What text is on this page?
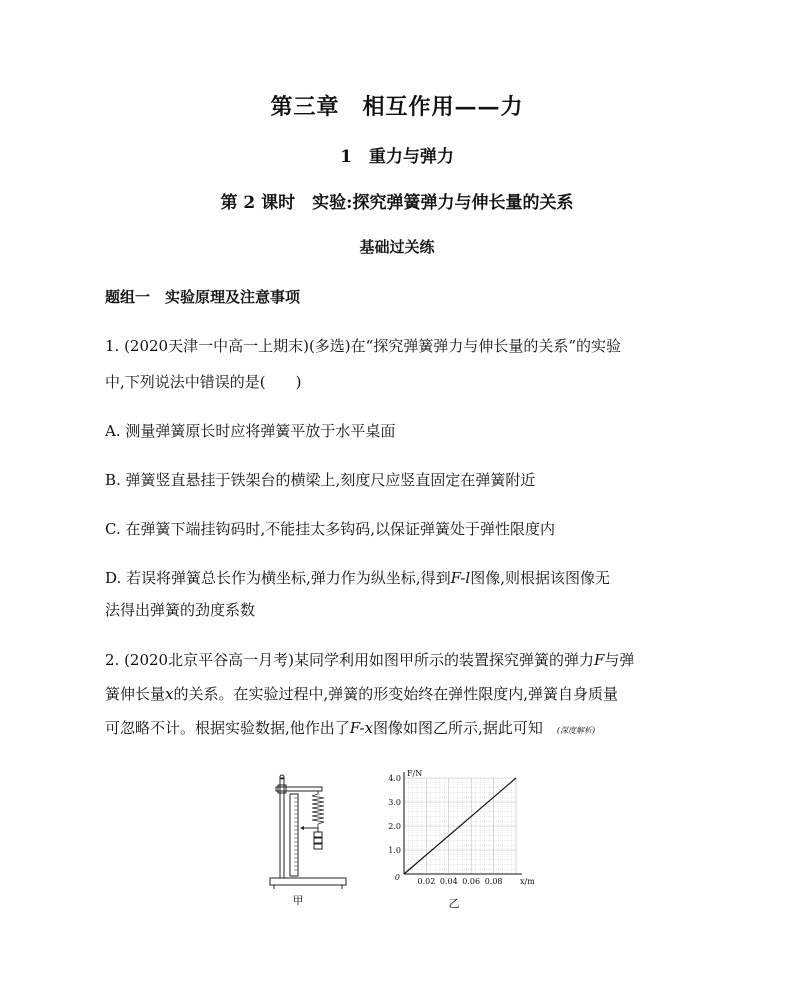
第三章　相互作用——力
1　重力与弹力
第 2 课时　实验:探究弹簧弹力与伸长量的关系
基础过关练
题组一　实验原理及注意事项
1. (2020天津一中高一上期末)(多选)在“探究弹簧弹力与伸长量的关系”的实验
中,下列说法中错误的是(　　)
A. 测量弹簧原长时应将弹簧平放于水平桌面
B. 弹簧竖直悬挂于铁架台的横梁上,刻度尺应竖直固定在弹簧附近
C. 在弹簧下端挂钩码时,不能挂太多钩码,以保证弹簧处于弹性限度内
D. 若误将弹簧总长作为横坐标,弹力作为纵坐标,得到F-l图像,则根据该图像无
法得出弹簧的劲度系数
2. (2020北京平谷高一月考)某同学利用如图甲所示的装置探究弹簧的弹力F与弹
簧伸长量x的关系。在实验过程中,弹簧的形变始终在弹性限度内,弹簧自身质量
可忽略不计。根据实验数据,他作出了F-x图像如图乙所示,据此可知 (深度解析)
甲
1.0
2.0
3.0
4.0
0.02 0.04 0.06 0.08
0
F/N
x/m
乙
